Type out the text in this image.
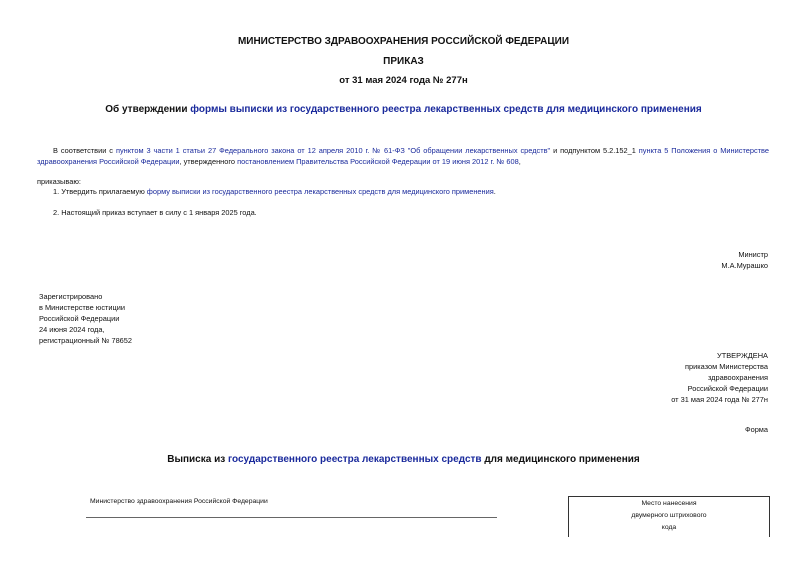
МИНИСТЕРСТВО ЗДРАВООХРАНЕНИЯ РОССИЙСКОЙ ФЕДЕРАЦИИ
ПРИКАЗ
от 31 мая 2024 года № 277н
Об утверждении формы выписки из государственного реестра лекарственных средств для медицинского применения
В соответствии с пунктом 3 части 1 статьи 27 Федерального закона от 12 апреля 2010 г. № 61-ФЗ "Об обращении лекарственных средств" и подпунктом 5.2.152_1 пункта 5 Положения о Министерстве здравоохранения Российской Федерации, утвержденного постановлением Правительства Российской Федерации от 19 июня 2012 г. № 608,
приказываю:
1. Утвердить прилагаемую форму выписки из государственного реестра лекарственных средств для медицинского применения.
2. Настоящий приказ вступает в силу с 1 января 2025 года.
Министр
М.А.Мурашко
Зарегистрировано
в Министерстве юстиции
Российской Федерации
24 июня 2024 года,
регистрационный № 78652
УТВЕРЖДЕНА
приказом Министерства
здравоохранения
Российской Федерации
от 31 мая 2024 года № 277н
Форма
Выписка из государственного реестра лекарственных средств для медицинского применения
Министерство здравоохранения Российской Федерации	Место нанесения
двумерного штрихового
кода
